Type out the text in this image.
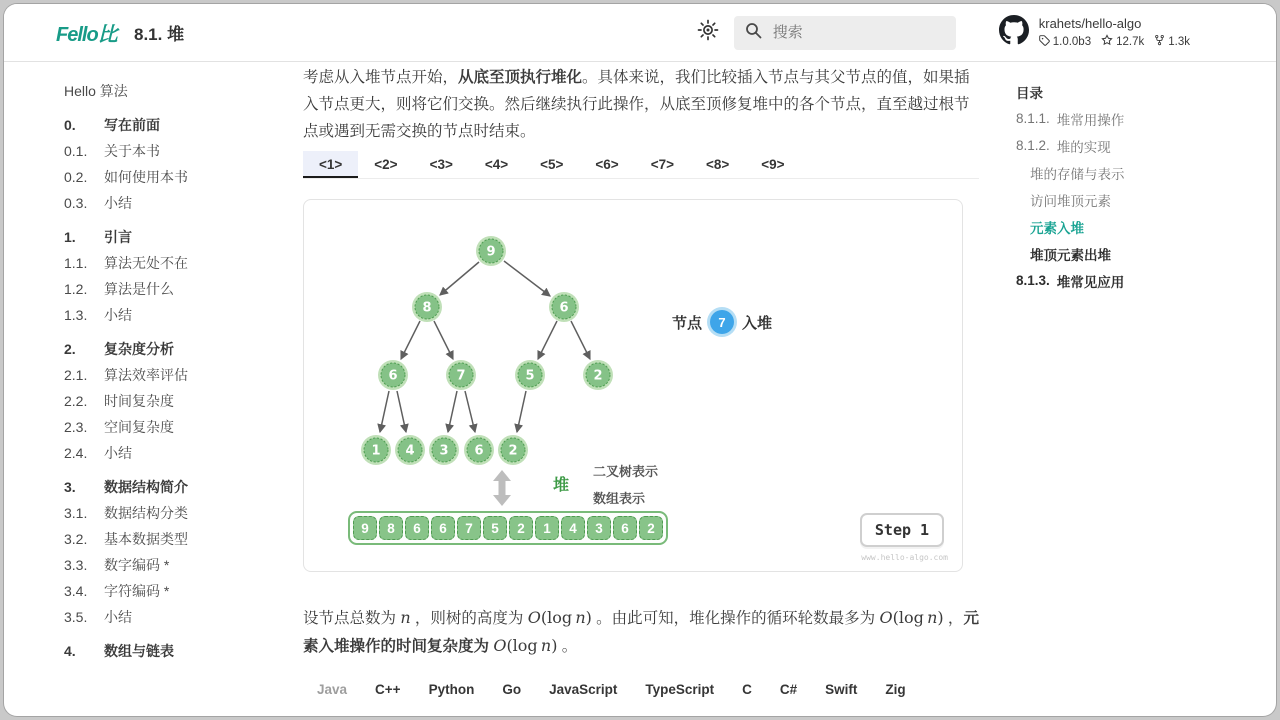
Fello比	8.1. 堆
搜索
krahets/hello-algo
1.0.0b3 12.7k 1.3k
Hello 算法
0.	写在前面
0.1.	关于本书
0.2.	如何使用本书
0.3.	小结
1.	引言
1.1.	算法无处不在
1.2.	算法是什么
1.3.	小结
2.	复杂度分析
2.1.	算法效率评估
2.2.	时间复杂度
2.3.	空间复杂度
2.4.	小结
3.	数据结构简介
3.1.	数据结构分类
3.2.	基本数据类型
3.3.	数字编码 *
3.4.	字符编码 *
3.5.	小结
4.	数组与链表

考虑从入堆节点开始，从底至顶执行堆化。具体来说，我们比较插入节点与其父节点的值，如果插入节点更大，则将它们交换。然后继续执行此操作，从底至顶修复堆中的各个节点，直至越过根节点或遇到无需交换的节点时结束。

<1>	<2>	<3>	<4>	<5>	<6>	<7>	<8>	<9>
9
8	6
6	7	5	2
1 4 3 6 2
节点	7	入堆
堆
二叉树表示
数组表示
9	8	6	6	7	5	2	1	4	3	6	2	Step 1
www.hello-algo.com

设节点总数为 n ，则树的高度为 O(log n) 。由此可知，堆化操作的循环轮数最多为 O(log n) ，元素入堆操作的时间复杂度为 O(log n) 。

Java	C++	Python	Go	JavaScript	TypeScript	C	C#	Swift	Zig
目录
8.1.1. 堆常用操作
8.1.2. 堆的实现
堆的存储与表示
访问堆顶元素
元素入堆
堆顶元素出堆
8.1.3. 堆常见应用
